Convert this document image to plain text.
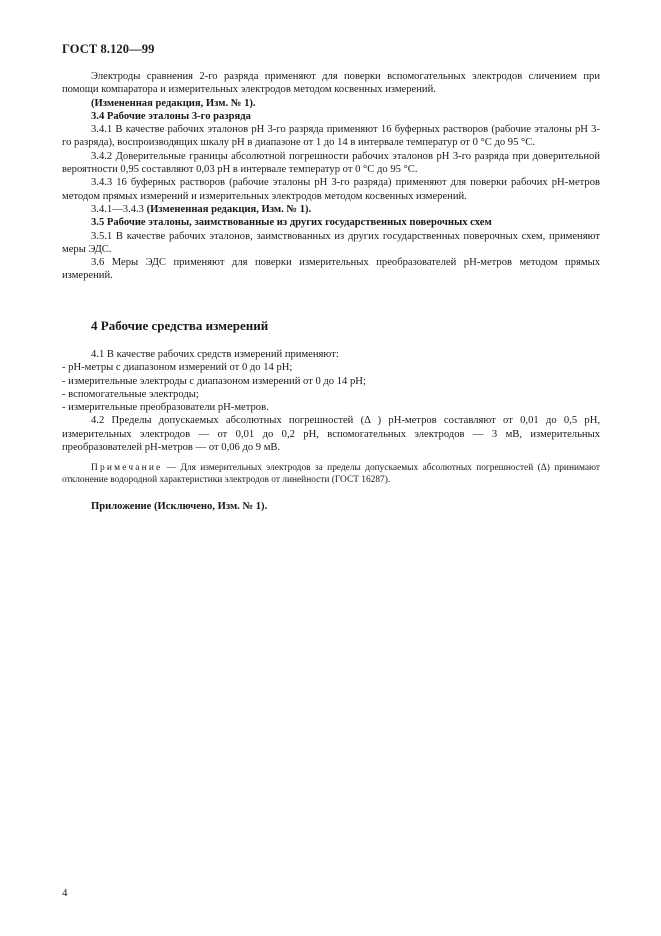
ГОСТ 8.120—99

Электроды сравнения 2-го разряда применяют для поверки вспомогательных электродов сличением при помощи компаратора и измерительных электродов методом косвенных измерений.

(Измененная редакция, Изм. № 1).

3.4 Рабочие эталоны 3-го разряда

3.4.1 В качестве рабочих эталонов рН 3-го разряда применяют 16 буферных растворов (рабочие эталоны рН 3-го разряда), воспроизводящих шкалу рН в диапазоне от 1 до 14 в интервале температур от 0 °С до 95 °С.

3.4.2 Доверительные границы абсолютной погрешности рабочих эталонов рН 3-го разряда при доверительной вероятности 0,95 составляют 0,03 рН в интервале температур от 0 °С до 95 °С.

3.4.3 16 буферных растворов (рабочие эталоны рН 3-го разряда) применяют для поверки рабочих рН-метров методом прямых измерений и измерительных электродов методом косвенных измерений.

3.4.1—3.4.3 (Измененная редакция, Изм. № 1).

3.5 Рабочие эталоны, заимствованные из других государственных поверочных схем

3.5.1 В качестве рабочих эталонов, заимствованных из других государственных поверочных схем, применяют меры ЭДС.

3.6 Меры ЭДС применяют для поверки измерительных преобразователей рН-метров методом прямых измерений.

4 Рабочие средства измерений

4.1 В качестве рабочих средств измерений применяют:

- рН-метры с диапазоном измерений от 0 до 14 рН;

- измерительные электроды с диапазоном измерений от 0 до 14 рН;

- вспомогательные электроды;

- измерительные преобразователи рН-метров.

4.2 Пределы допускаемых абсолютных погрешностей (Δ ) рН-метров составляют от 0,01 до 0,5 рН, измерительных электродов — от 0,01 до 0,2 рН, вспомогательных электродов — 3 мВ, измерительных преобразователей рН-метров — от 0,06 до 9 мВ.

Примечание — Для измерительных электродов за пределы допускаемых абсолютных погрешностей (Δ) принимают отклонение водородной характеристики электродов от линейности (ГОСТ 16287).

Приложение (Исключено, Изм. № 1).

4
